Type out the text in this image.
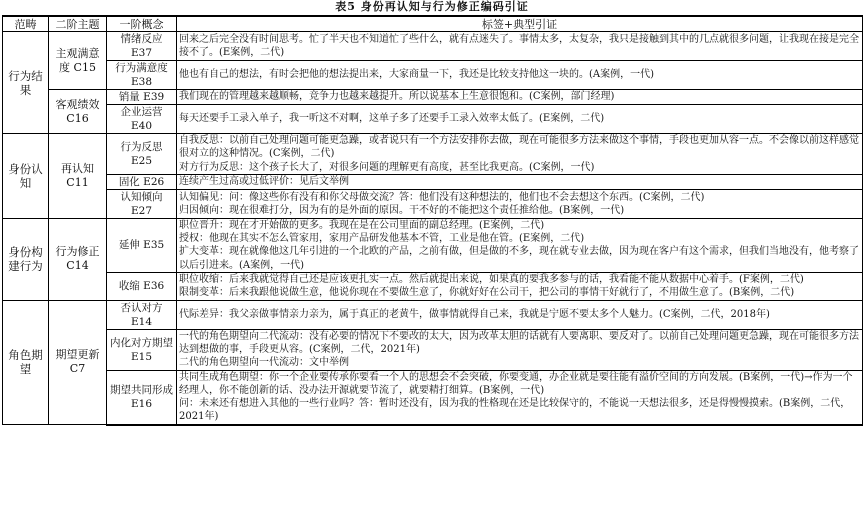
表5 身份再认知与行为修正编码引证
范畴	二阶主题	一阶概念	标签+典型引证
行为结果	主观满意度 C15	情绪反应 E37	回来之后完全没有时间思考。忙了半天也不知道忙了些什么，就有点迷失了。事情太多，太复杂，我只是接触到其中的几点就很多问题，让我现在接是完全接不了。(E案例，二代)

		行为满意度 E38	他也有自己的想法，有时会把他的想法提出来，大家商量一下，我还是比较支持他这一块的。(A案例，一代)

	客观绩效 C16	销量 E39	我们现在的管理越来越顺畅，竞争力也越来越提升。所以说基本上生意很饱和。(C案例，部门经理)

		企业运营 E40	每天还要手工录入单子，我一听这不对啊，这单子多了还要手工录入效率太低了。(E案例，二代)

身份认知	再认知 C11	行为反思 E25	自我反思：以前自己处理问题可能更急躁，或者说只有一个方法安排你去做，现在可能很多方法来做这个事情，手段也更加从容一点。不会像以前这样感觉很对立的这种情况。(C案例，二代)
对方行为反思：这个孩子长大了，对很多问题的理解更有高度，甚至比我更高。(C案例，一代)

		固化 E26	连续产生过高或过低评价：见后文举例

		认知倾向 E27	认知偏见：问：像这些你有没有和你父母做交流？答：他们没有这种想法的，他们也不会去想这个东西。(C案例，二代)
归因倾向：现在很难打分，因为有的是外面的原因。干不好的不能把这个责任推给他。(B案例，一代)

身份构建行为	行为修正 C14	延伸 E35	职位晋升：现在才开始做的更多。我现在是在公司里面的副总经理。(E案例，二代)
授权：他现在其实不怎么管家用，家用产品研发他基本不管，工业是他在管。(E案例，二代)
扩大变革：现在就像他这几年引进的一个北欧的产品，之前有做，但是做的不多，现在就专业去做，因为现在客户有这个需求，但我们当地没有，他考察了以后引进来。(A案例，一代)

		收缩 E36	职位收缩：后来我就觉得自己还是应该更扎实一点。然后就提出来说，如果真的要我多参与的话，我看能不能从数据中心着手。(F案例，二代)
限制变革：后来我跟他说做生意，他说你现在不要做生意了，你就好好在公司干，把公司的事情干好就行了，不用做生意了。(B案例，二代)

角色期望	期望更新 C7	否认对方 E14	代际差异：我父亲做事情亲力亲为，属于真正的老黄牛，做事情就得自己来，我就是宁愿不要太多个人魅力。(C案例，二代，2018年)

		内化对方期望 E15	一代的角色期望向二代流动：没有必要的情况下不要改的太大，因为改革太胆的话就有人要离职、要反对了。以前自己处理问题更急躁，现在可能很多方法达到想做的事，手段更从容。(C案例，二代，2021年)
二代的角色期望向一代流动：文中举例

		期望共同形成 E16	共同生成角色期望：你一个企业要传承你要看一个人的思想会不会突破，你要变通，办企业就是要往能有溢价空间的方向发展。(B案例，一代)→作为一个经理人，你不能创新的话、没办法开源就要节流了，就要精打细算。(B案例，一代)
问：未来还有想进入其他的一些行业吗？答：暂时还没有，因为我的性格现在还是比较保守的，不能说一天想法很多，还是得慢慢摸索。(B案例，二代，2021年)
